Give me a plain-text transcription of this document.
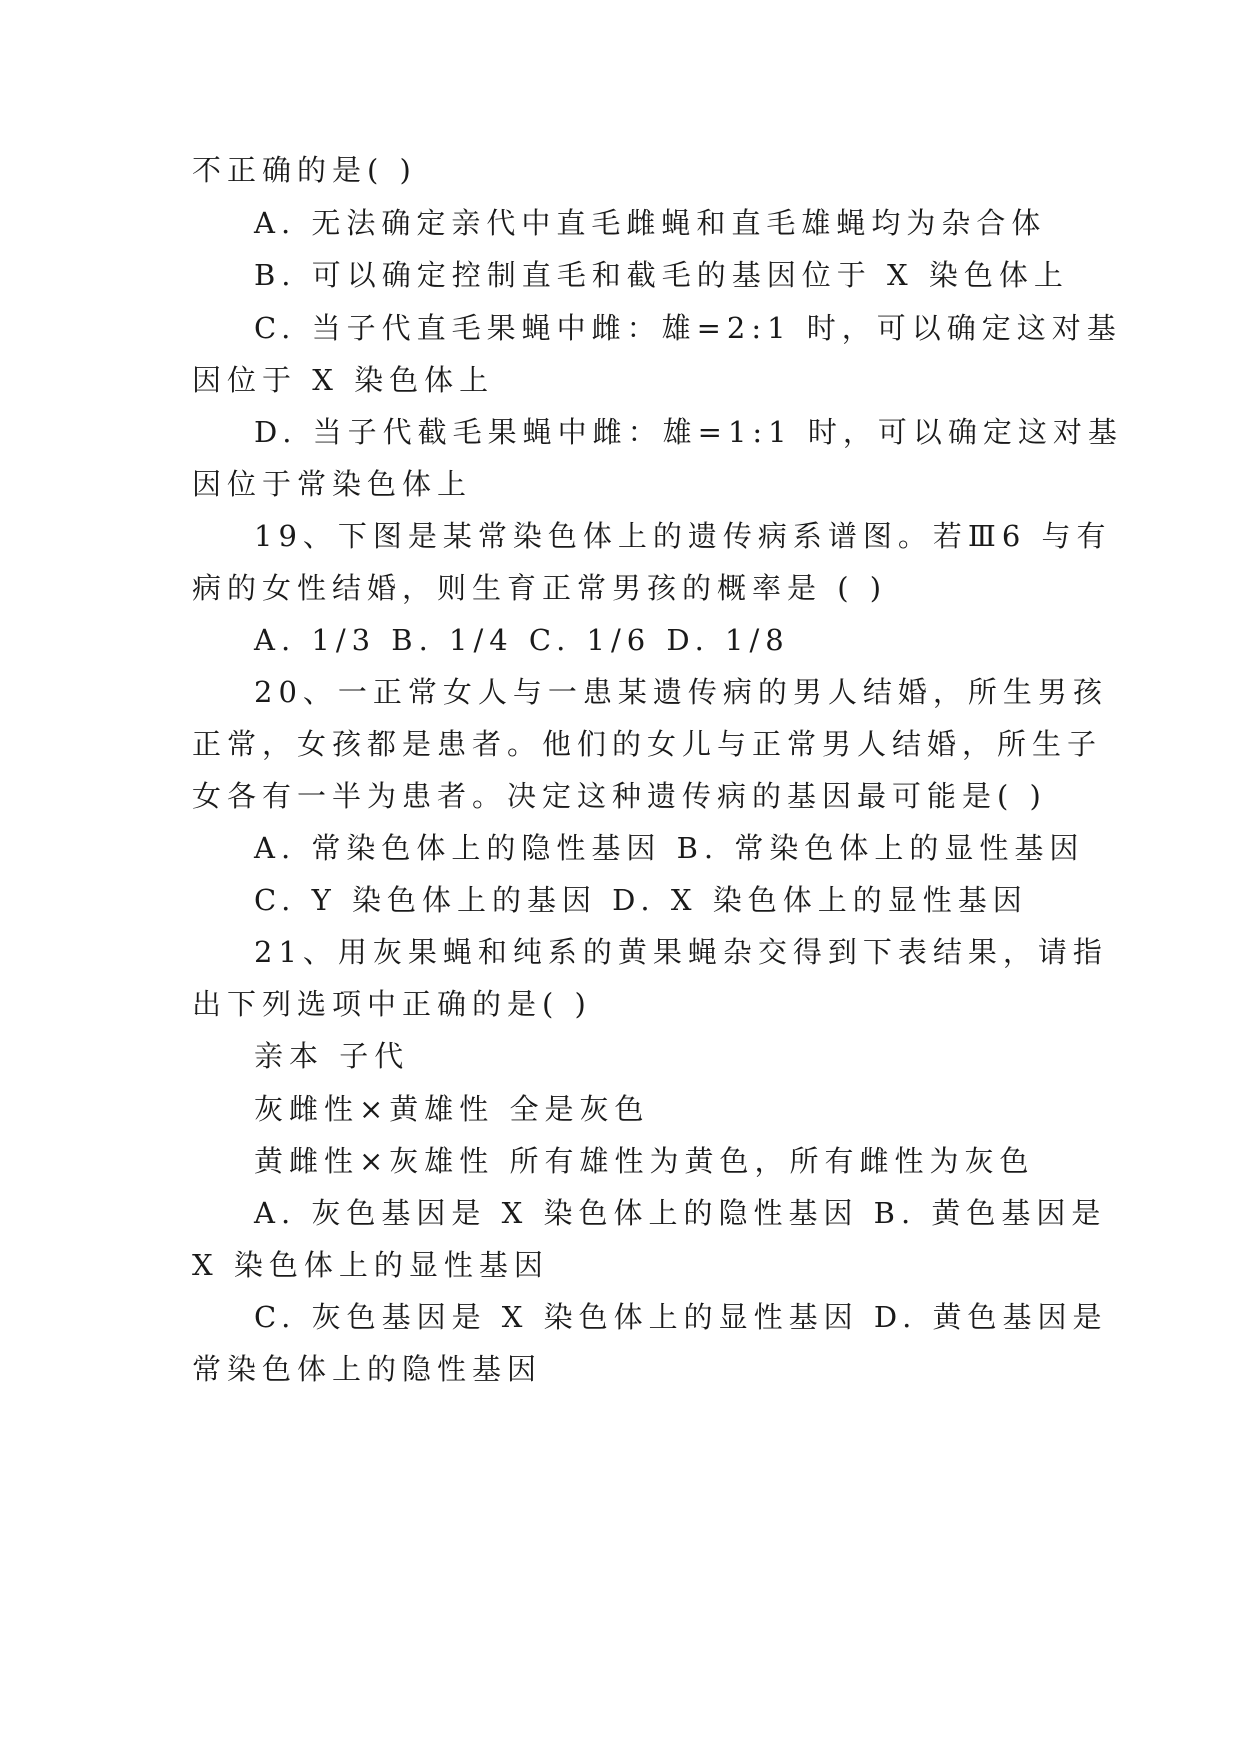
不正确的是( )
A. 无法确定亲代中直毛雌蝇和直毛雄蝇均为杂合体
B. 可以确定控制直毛和截毛的基因位于 X 染色体上
C. 当子代直毛果蝇中雌：雄=2:1 时，可以确定这对基
因位于 X 染色体上
D. 当子代截毛果蝇中雌：雄=1:1 时，可以确定这对基
因位于常染色体上
19、下图是某常染色体上的遗传病系谱图。若Ⅲ6 与有
病的女性结婚，则生育正常男孩的概率是 ( )
A. 1/3 B. 1/4 C. 1/6 D. 1/8
20、一正常女人与一患某遗传病的男人结婚，所生男孩
正常，女孩都是患者。他们的女儿与正常男人结婚，所生子
女各有一半为患者。决定这种遗传病的基因最可能是( )
A. 常染色体上的隐性基因 B. 常染色体上的显性基因
C. Y 染色体上的基因 D. X 染色体上的显性基因
21、用灰果蝇和纯系的黄果蝇杂交得到下表结果，请指
出下列选项中正确的是( )
亲本 子代
灰雌性×黄雄性 全是灰色
黄雌性×灰雄性 所有雄性为黄色，所有雌性为灰色
A. 灰色基因是 X 染色体上的隐性基因 B. 黄色基因是
X 染色体上的显性基因
C. 灰色基因是 X 染色体上的显性基因 D. 黄色基因是
常染色体上的隐性基因
